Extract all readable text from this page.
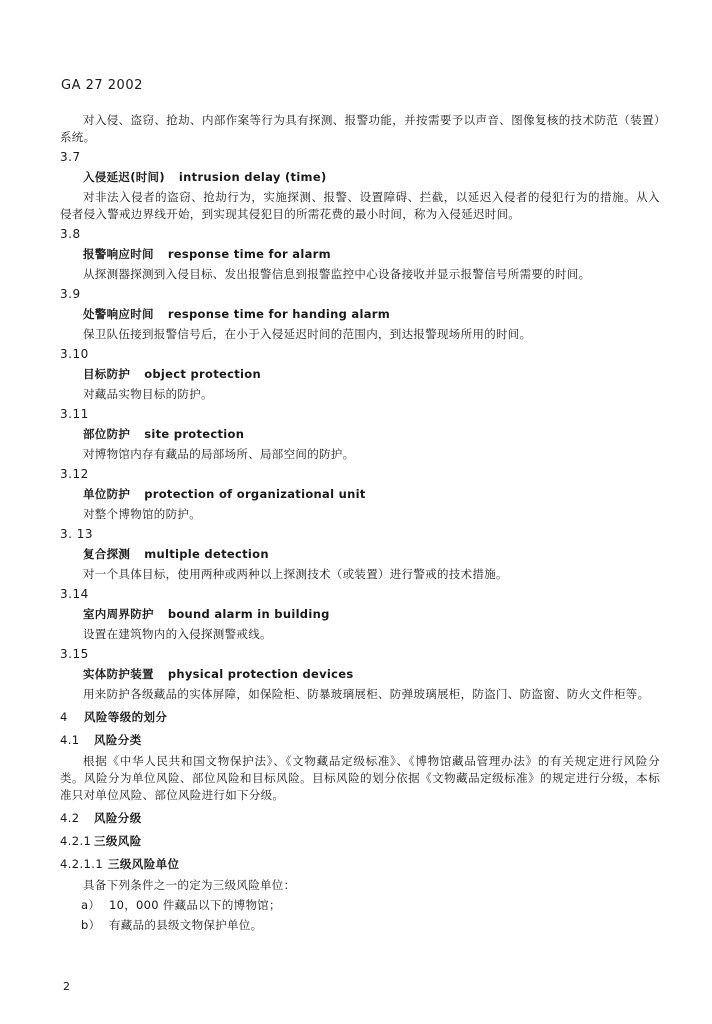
GA 27 2002

对入侵、盗窃、抢劫、内部作案等行为具有探测、报警功能，并按需要予以声音、图像复核的技术防范（装置）系统。

3.7
入侵延迟(时间) intrusion delay (time)

对非法入侵者的盗窃、抢劫行为，实施探测、报警、设置障碍、拦截，以延迟入侵者的侵犯行为的措施。从入侵者侵入警戒边界线开始，到实现其侵犯目的所需花费的最小时间，称为入侵延迟时间。

3.8
报警响应时间 response time for alarm

从探测器探测到入侵目标、发出报警信息到报警监控中心设备接收并显示报警信号所需要的时间。

3.9
处警响应时间 response time for handing alarm

保卫队伍接到报警信号后，在小于入侵延迟时间的范围内，到达报警现场所用的时间。

3.10
目标防护 object protection

对藏品实物目标的防护。

3.11
部位防护 site protection

对博物馆内存有藏品的局部场所、局部空间的防护。

3.12
单位防护 protection of organizational unit

对整个博物馆的防护。

3. 13
复合探测 multiple detection

对一个具体目标，使用两种或两种以上探测技术（或装置）进行警戒的技术措施。

3.14
室内周界防护 bound alarm in building

设置在建筑物内的入侵探测警戒线。

3.15
实体防护装置 physical protection devices

用来防护各级藏品的实体屏障，如保险柜、防暴玻璃展柜、防弹玻璃展柜，防盗门、防盗窗、防火文件柜等。

4 风险等级的划分
4.1 风险分类

根据《中华人民共和国文物保护法》、《文物藏品定级标准》、《博物馆藏品管理办法》的有关规定进行风险分类。风险分为单位风险、部位风险和目标风险。目标风险的划分依据《文物藏品定级标准》的规定进行分级，本标准只对单位风险、部位风险进行如下分级。

4.2 风险分级
4.2.1 三级风险
4.2.1.1 三级风险单位

具备下列条件之一的定为三级风险单位：

a） 10，000 件藏品以下的博物馆；
b） 有藏品的县级文物保护单位。
2
